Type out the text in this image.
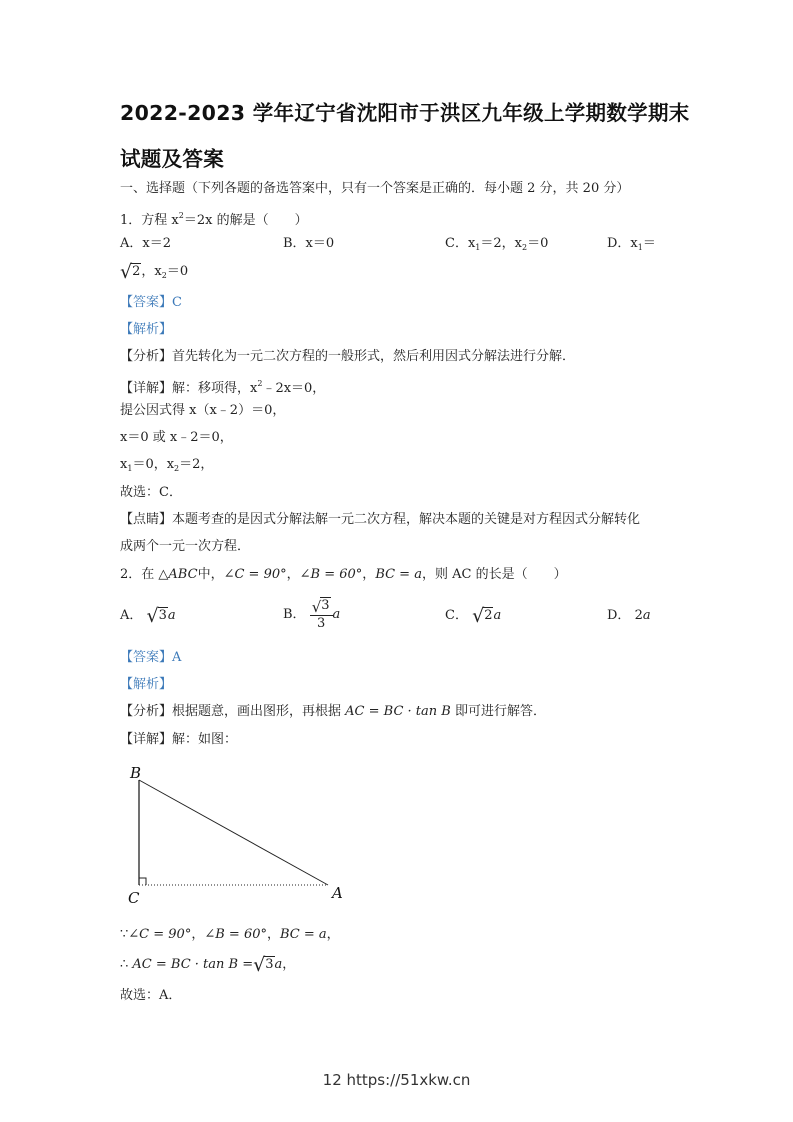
2022-2023 学年辽宁省沈阳市于洪区九年级上学期数学期末
试题及答案
一、选择题（下列各题的备选答案中，只有一个答案是正确的．每小题 2 分，共 20 分）
1．方程 $x^2=2x$ 的解是（　　）
A．x＝2	B．x＝0	C．$x_1=2$，$x_2=0$	D．$x_1=$
√2，$x_2=0$
【答案】C
【解析】
【分析】首先转化为一元二次方程的一般形式，然后利用因式分解法进行分解．
【详解】解：移项得，$x^2﹣2x=0$，
提公因式得 x（x﹣2）＝0，
x＝0 或 x﹣2＝0，
$x_1=0$，$x_2=2$，
故选：C．
【点睛】本题考查的是因式分解法解一元二次方程，解决本题的关键是对方程因式分解转化
成两个一元一次方程．
2．在 △ABC中，∠C = 90°，∠B = 60°，BC = a，则 AC 的长是（　　）
A． √3a	B． $\frac{√3}{3}$ a	C． √2a	D． 2a
【答案】A
【解析】
【分析】根据题意，画出图形，再根据 AC = BC · tan B 即可进行解答．
【详解】解：如图：
B
C	A
∵∠C = 90°，∠B = 60°，BC = a，
∴ AC = BC · tan B =√3a，
故选：A．
12 https://51xkw.cn
